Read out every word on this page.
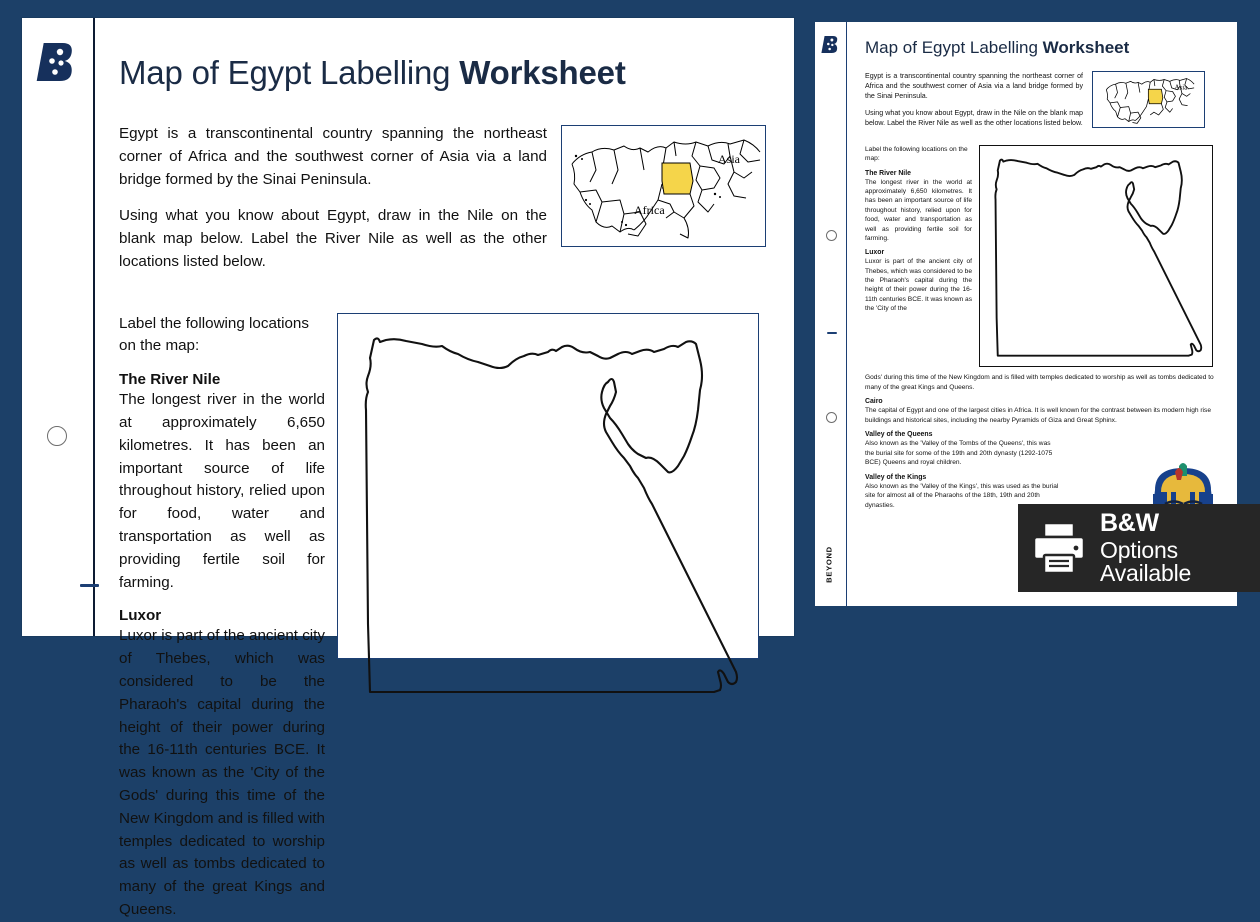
Map of Egypt Labelling Worksheet

Egypt is a transcontinental country spanning the northeast corner of Africa and the southwest corner of Asia via a land bridge formed by the Sinai Peninsula.

Using what you know about Egypt, draw in the Nile on the blank map below. Label the River Nile as well as the other locations listed below.

Asia
Africa
Label the following locations on the map:
The River Nile
The longest river in the world at approximately 6,650 kilometres. It has been an important source of life throughout history, relied upon for food, water and transportation as well as providing fertile soil for farming.
Luxor
Luxor is part of the ancient city of Thebes, which was considered to be the Pharaoh's capital during the height of their power during the 16-11th centuries BCE. It was known as the 'City of the Gods' during this time of the New Kingdom and is filled with temples dedicated to worship as well as tombs dedicated to many of the great Kings and Queens.
BEYOND
Map of Egypt Labelling Worksheet

Egypt is a transcontinental country spanning the northeast corner of Africa and the southwest corner of Asia via a land bridge formed by the Sinai Peninsula.

Using what you know about Egypt, draw in the Nile on the blank map below. Label the River Nile as well as the other locations listed below.

Asia
Label the following locations on the map:
The River Nile
The longest river in the world at approximately 6,650 kilometres. It has been an important source of life throughout history, relied upon for food, water and transportation as well as providing fertile soil for farming.
Luxor
Luxor is part of the ancient city of Thebes, which was considered to be the Pharaoh's capital during the height of their power during the 16-11th centuries BCE. It was known as the 'City of the
Gods' during this time of the New Kingdom and is filled with temples dedicated to worship as well as tombs dedicated to many of the great Kings and Queens.
Cairo
The capital of Egypt and one of the largest cities in Africa. It is well known for the contrast between its modern high rise buildings and historical sites, including the nearby Pyramids of Giza and Great Sphinx.
Valley of the Queens
Also known as the 'Valley of the Tombs of the Queens', this was the burial site for some of the 19th and 20th dynasty (1292-1075 BCE) Queens and royal children.
Valley of the Kings
Also known as the 'Valley of the Kings', this was used as the burial site for almost all of the Pharaohs of the 18th, 19th and 20th dynasties.
B&W
Options Available
